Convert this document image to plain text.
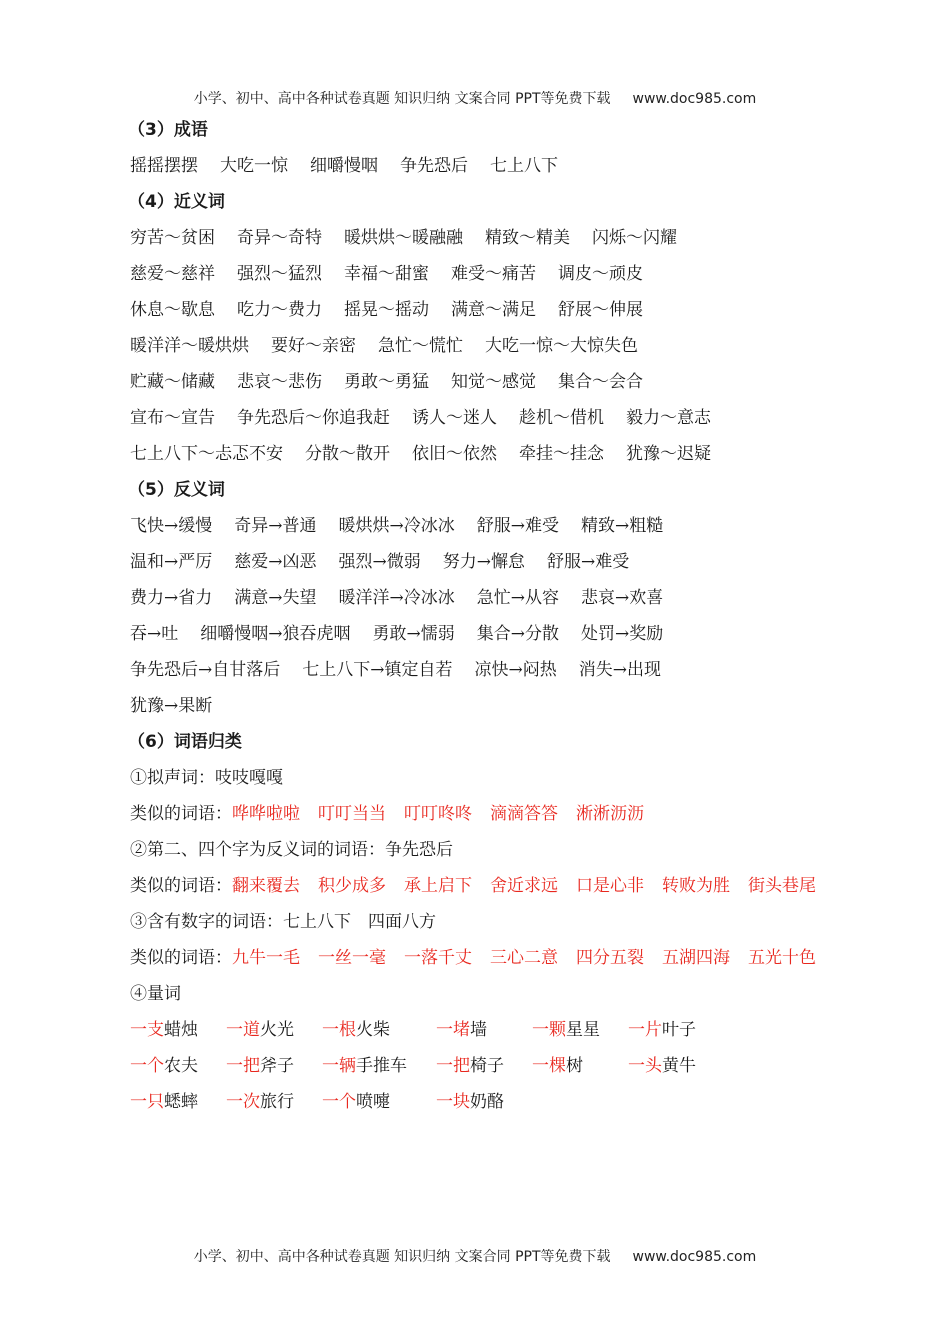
小学、初中、高中各种试卷真题 知识归纳 文案合同 PPT等免费下载 www.doc985.com
（3）成语
摇摇摆摆 大吃一惊 细嚼慢咽 争先恐后 七上八下
（4）近义词
穷苦～贫困 奇异～奇特 暖烘烘～暖融融 精致～精美 闪烁～闪耀
慈爱～慈祥 强烈～猛烈 幸福～甜蜜 难受～痛苦 调皮～顽皮
休息～歇息 吃力～费力 摇晃～摇动 满意～满足 舒展～伸展
暖洋洋～暖烘烘 要好～亲密 急忙～慌忙 大吃一惊～大惊失色
贮藏～储藏 悲哀～悲伤 勇敢～勇猛 知觉～感觉 集合～会合
宣布～宣告 争先恐后～你追我赶 诱人～迷人 趁机～借机 毅力～意志
七上八下～忐忑不安 分散～散开 依旧～依然 牵挂～挂念 犹豫～迟疑
（5）反义词
飞快→缓慢 奇异→普通 暖烘烘→冷冰冰 舒服→难受 精致→粗糙
温和→严厉 慈爱→凶恶 强烈→微弱 努力→懈怠 舒服→难受
费力→省力 满意→失望 暖洋洋→冷冰冰 急忙→从容 悲哀→欢喜
吞→吐 细嚼慢咽→狼吞虎咽 勇敢→懦弱 集合→分散 处罚→奖励
争先恐后→自甘落后 七上八下→镇定自若 凉快→闷热 消失→出现
犹豫→果断
（6）词语归类
①拟声词：吱吱嘎嘎
类似的词语：哗哗啦啦 叮叮当当 叮叮咚咚 滴滴答答 淅淅沥沥
②第二、四个字为反义词的词语：争先恐后
类似的词语：翻来覆去 积少成多 承上启下 舍近求远 口是心非 转败为胜 街头巷尾
③含有数字的词语：七上八下　四面八方
类似的词语：九牛一毛 一丝一毫 一落千丈 三心二意 四分五裂 五湖四海 五光十色
④量词
一支蜡烛	一道火光	一根火柴	一堵墙	一颗星星	一片叶子
一个农夫	一把斧子	一辆手推车	一把椅子	一棵树	一头黄牛
一只蟋蟀	一次旅行	一个喷嚏	一块奶酪
小学、初中、高中各种试卷真题 知识归纳 文案合同 PPT等免费下载 www.doc985.com
